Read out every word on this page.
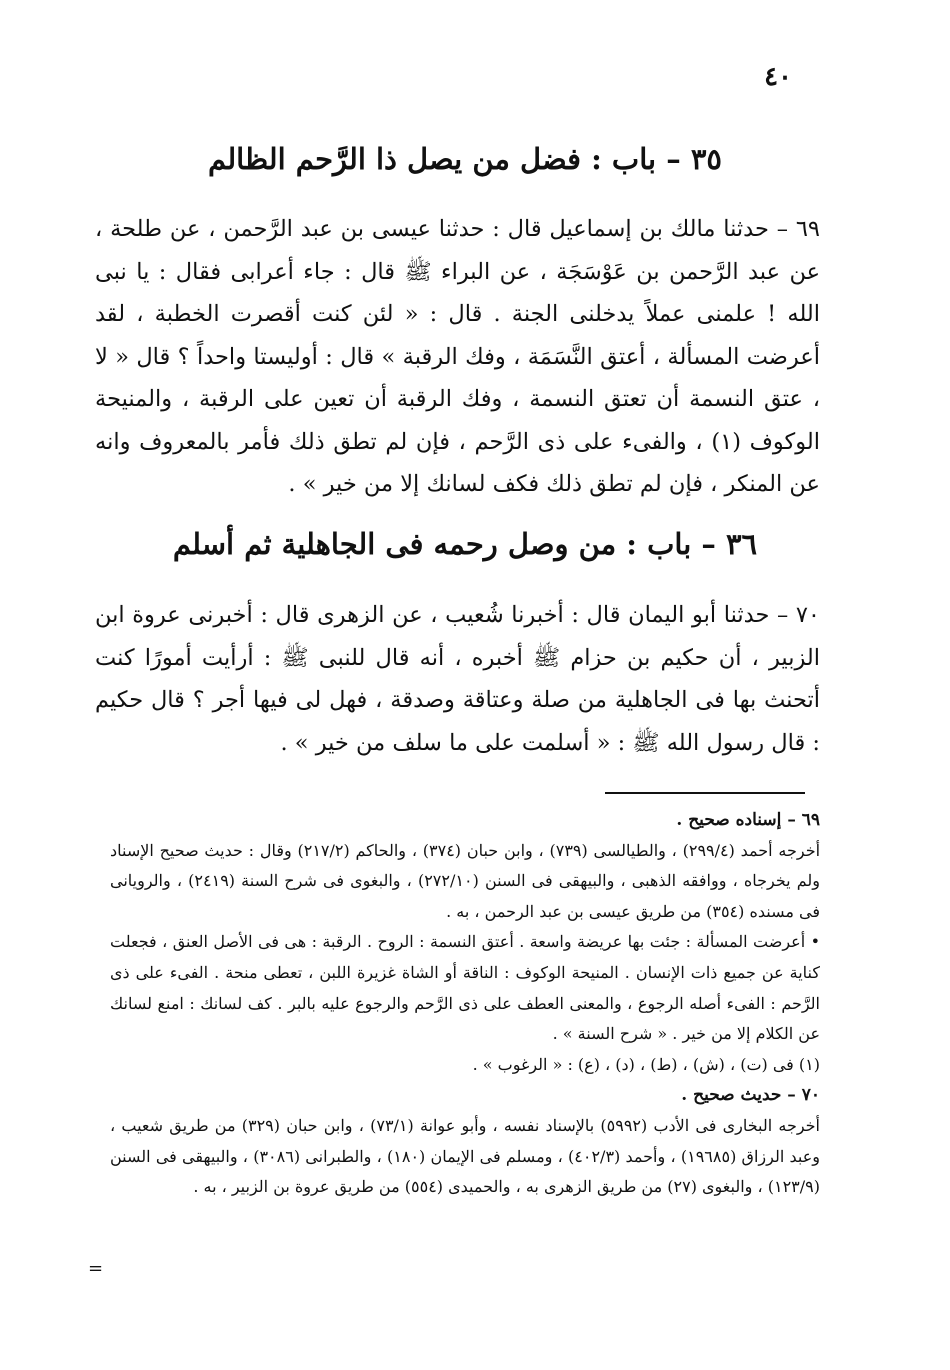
٤٠
٣٥ – باب : فضل من يصل ذا الرَّحم الظالم
٦٩ – حدثنا مالك بن إسماعيل قال : حدثنا عيسى بن عبد الرَّحمن ، عن طلحة ، عن عبد الرَّحمن بن عَوْسَجَة ، عن البراء ﷺ قال : جاء أعرابى فقال : يا نبى الله ! علمنى عملاً يدخلنى الجنة . قال : « لئن كنت أقصرت الخطبة ، لقد أعرضت المسألة ، أعتق النَّسَمَة ، وفك الرقبة » قال : أوليستا واحداً ؟ قال « لا ، عتق النسمة أن تعتق النسمة ، وفك الرقبة أن تعين على الرقبة ، والمنيحة الوكوف (١) ، والفىء على ذى الرَّحم ، فإن لم تطق ذلك فأمر بالمعروف وانه عن المنكر ، فإن لم تطق ذلك فكف لسانك إلا من خير » .
٣٦ – باب : من وصل رحمه فى الجاهلية ثم أسلم
٧٠ – حدثنا أبو اليمان قال : أخبرنا شُعيب ، عن الزهرى قال : أخبرنى عروة ابن الزبير ، أن حكيم بن حزام ﷺ أخبره ، أنه قال للنبى ﷺ : أرأيت أمورًا كنت أتحنث بها فى الجاهلية من صلة وعتاقة وصدقة ، فهل لى فيها أجر ؟ قال حكيم : قال رسول الله ﷺ : « أسلمت على ما سلف من خير » .

٦٩ – إسناده صحيح .

أخرجه أحمد (٢٩٩/٤) ، والطيالسى (٧٣٩) ، وابن حبان (٣٧٤) ، والحاكم (٢١٧/٢) وقال : حديث صحيح الإسناد ولم يخرجاه ، ووافقه الذهبى ، والبيهقى فى السنن (٢٧٢/١٠) ، والبغوى فى شرح السنة (٢٤١٩) ، والرويانى فى مسنده (٣٥٤) من طريق عيسى بن عبد الرحمن ، به .

• أعرضت المسألة : جئت بها عريضة واسعة . أعتق النسمة : الروح . الرقبة : هى فى الأصل العنق ، فجعلت كناية عن جميع ذات الإنسان . المنيحة الوكوف : الناقة أو الشاة غزيرة اللبن ، تعطى منحة . الفىء على ذى الرَّحم : الفىء أصله الرجوع ، والمعنى العطف على ذى الرَّحم والرجوع عليه بالبر . كف لسانك : امنع لسانك عن الكلام إلا من خير . « شرح السنة » .

(١) فى (ت) ، (ش) ، (ط) ، (د) ، (ع) : « الرغوب » .

٧٠ – حديث صحيح .

أخرجه البخارى فى الأدب (٥٩٩٢) بالإسناد نفسه ، وأبو عوانة (٧٣/١) ، وابن حبان (٣٢٩) من طريق شعيب ، وعبد الرزاق (١٩٦٨٥) ، وأحمد (٤٠٢/٣) ، ومسلم فى الإيمان (١٨٠) ، والطبرانى (٣٠٨٦) ، والبيهقى فى السنن (١٢٣/٩) ، والبغوى (٢٧) من طريق الزهرى به ، والحميدى (٥٥٤) من طريق عروة بن الزبير ، به .

=
